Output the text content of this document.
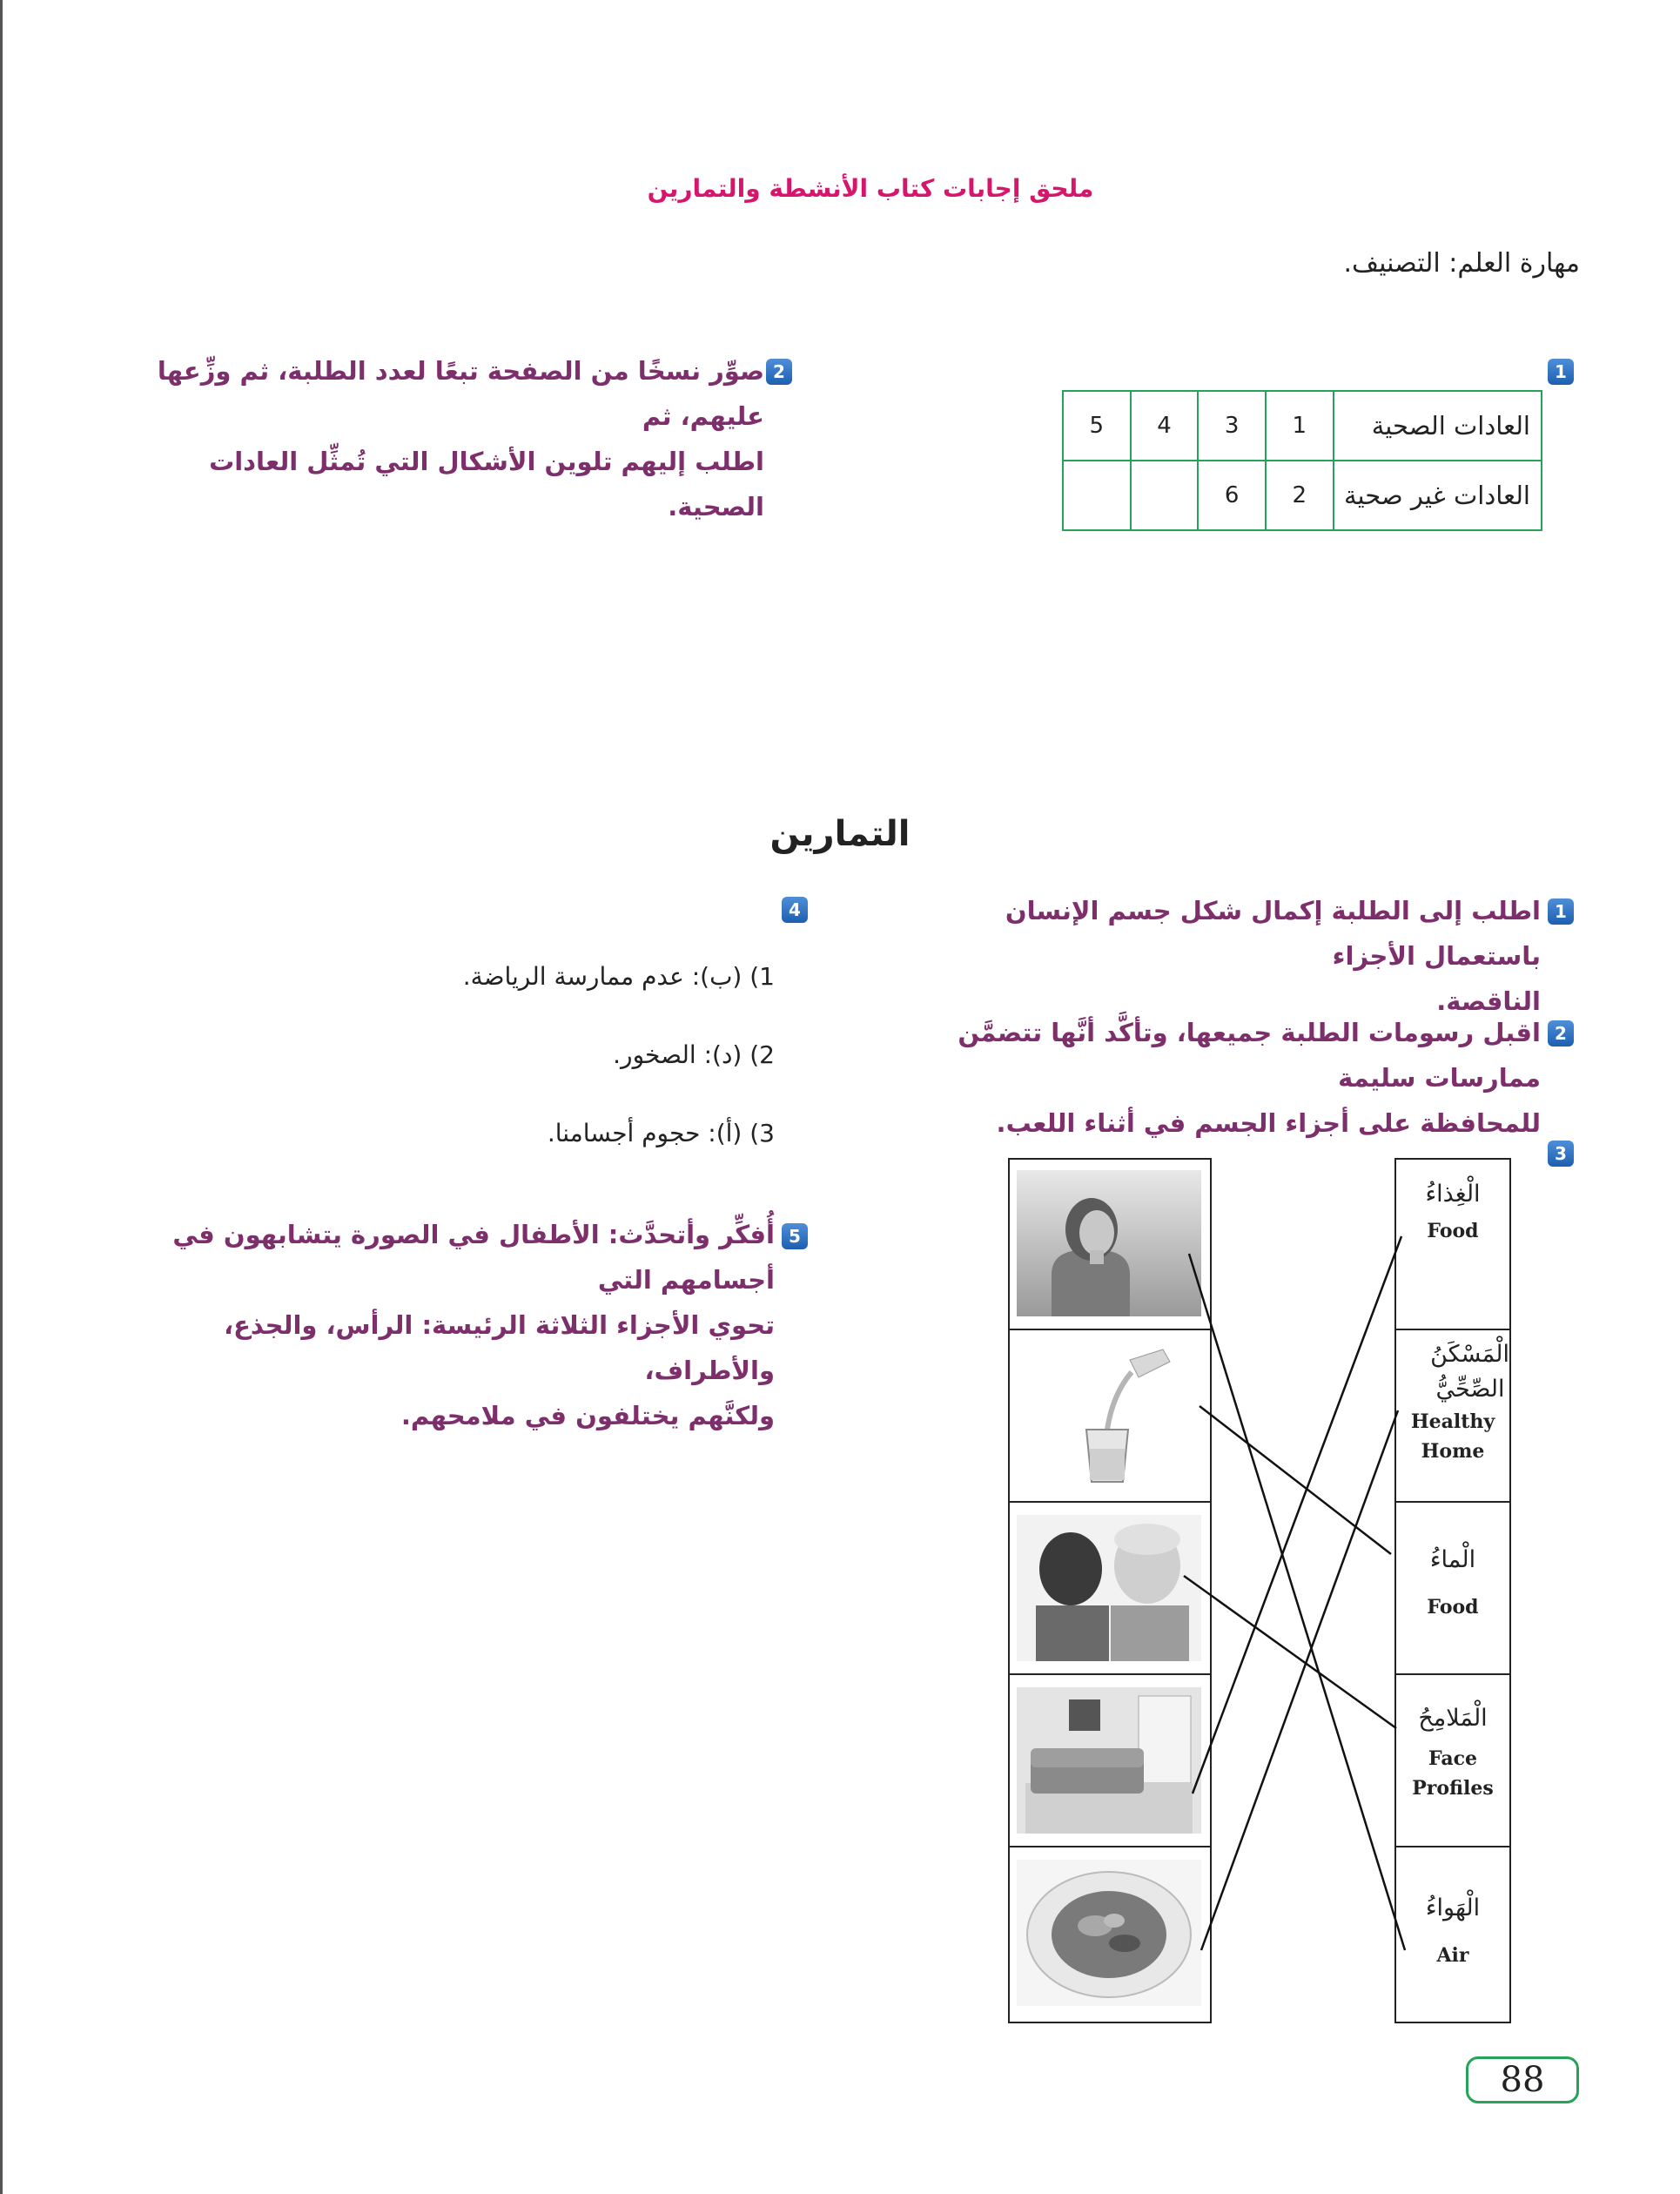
ملحق إجابات كتاب الأنشطة والتمارين
مهارة العلم: التصنيف.
1
5	4	3	1	العادات الصحية
		6	2	العادات غير صحية
2
صوِّر نسخًا من الصفحة تبعًا لعدد الطلبة، ثم وزِّعها عليهم، ثم
اطلب إليهم تلوين الأشكال التي تُمثِّل العادات الصحية.
التمارين
1
اطلب إلى الطلبة إكمال شكل جسم الإنسان باستعمال الأجزاء
الناقصة.
2
اقبل رسومات الطلبة جميعها، وتأكَّد أنَّها تتضمَّن ممارسات سليمة
للمحافظة على أجزاء الجسم في أثناء اللعب.
3
4
1) (ب): عدم ممارسة الرياضة.
2) (د): الصخور.
3) (أ): حجوم أجسامنا.
5
أُفكِّر وأتحدَّث: الأطفال في الصورة يتشابهون في أجسامهم التي
تحوي الأجزاء الثلاثة الرئيسة: الرأس، والجذع، والأطراف،
ولكنَّهم يختلفون في ملامحهم.
الْغِذاءُ
Food
الْمَسْكَنُ الصِّحِّيُّ
Healthy
Home
الْماءُ
Food
الْمَلامِحُ
Face
Profiles
الْهَواءُ
Air
88
